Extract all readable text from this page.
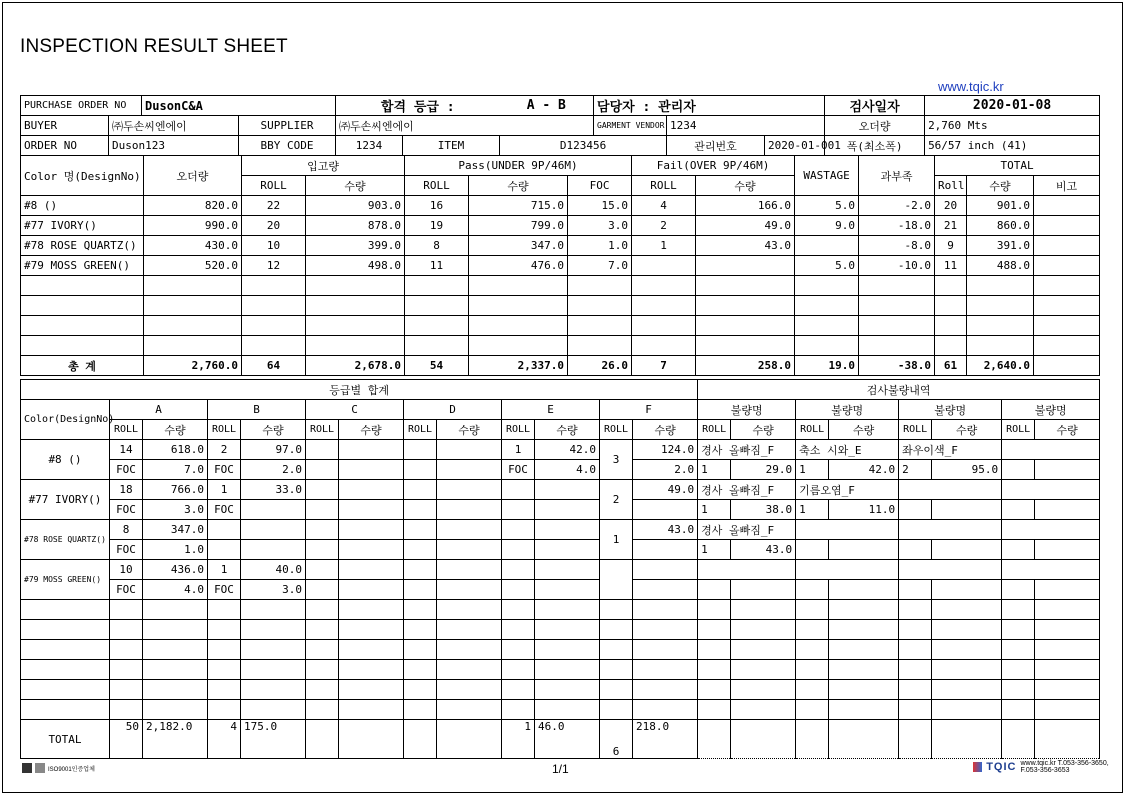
INSPECTION RESULT SHEET
www.tqic.kr
PURCHASE ORDER NO		DusonC&A		합격 등급 :		A - B	담당자 : 관리자			검사일자	2020-01-08
BUYER	㈜두손씨엔에이		SUPPLIER	㈜두손씨엔에이			GARMENT VENDOR	1234		오더량	2,760 Mts
ORDER NO	Duson123		BBY CODE	1234	ITEM	D123456		관리번호	2020-01-001	폭(최소폭)	56/57 inch (41)
Color 명(DesignNo)	오더량	입고량		Pass(UNDER 9P/46M)			Fail(OVER 9P/46M)		WASTAGE	과부족	TOTAL		
		ROLL	수량	ROLL	수량	FOC	ROLL	수량			Roll	수량	비고
#8 ()	820.0	22	903.0	16	715.0	15.0	4	166.0	5.0	-2.0	20	901.0	
#77 IVORY()	990.0	20	878.0	19	799.0	3.0	2	49.0	9.0	-18.0	21	860.0	
#78 ROSE QUARTZ()	430.0	10	399.0	8	347.0	1.0	1	43.0		-8.0	9	391.0	
#79 MOSS GREEN()	520.0	12	498.0	11	476.0	7.0			5.0	-10.0	11	488.0	

총 계	2,760.0	64	2,678.0	54	2,337.0	26.0	7	258.0	19.0	-38.0	61	2,640.0	
등급별 합계													검사불량내역							
Color(DesignNo)	A		B		C		D		E		F		불량명		불량명		불량명		불량명	
	ROLL	수량	ROLL	수량	ROLL	수량	ROLL	수량	ROLL	수량	ROLL	수량	ROLL	수량	ROLL	수량	ROLL	수량	ROLL	수량
#8 ()	14	618.0	2	97.0					1	42.0	3	124.0	경사 올빠짐_F		축소 시와_E		좌우이색_F			
	FOC	7.0	FOC	2.0					FOC	4.0		2.0	1	29.0	1	42.0	2	95.0		
#77 IVORY()	18	766.0	1	33.0							2	49.0	경사 올빠짐_F		기름오염_F					
	FOC	3.0	FOC										1	38.0	1	11.0				
#78 ROSE QUARTZ()	8	347.0									1	43.0	경사 올빠짐_F							
	FOC	1.0											1	43.0						
#79 MOSS GREEN()	10	436.0	1	40.0																
	FOC	4.0	FOC	3.0																

TOTAL	50	2,182.0	4	175.0					1	46.0	6	218.0								
ISO9001인증업체	1/1	TQIC www.tqic.kr T.053-356-3650, F.053-356-3653
